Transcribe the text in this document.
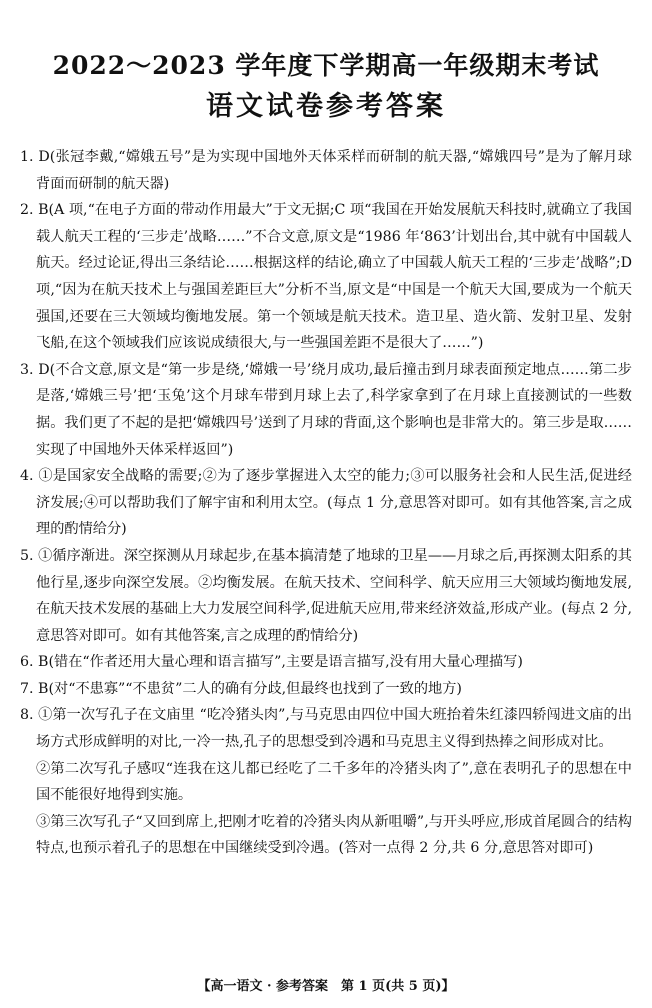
2022～2023 学年度下学期高一年级期末考试
语文试卷参考答案
1. D(张冠李戴,“嫦娥五号”是为实现中国地外天体采样而研制的航天器,“嫦娥四号”是为了解月球背面而研制的航天器)
2. B(A 项,“在电子方面的带动作用最大”于文无据;C 项“我国在开始发展航天科技时,就确立了我国载人航天工程的‘三步走’战略……”不合文意,原文是“1986 年‘863’计划出台,其中就有中国载人航天。经过论证,得出三条结论……根据这样的结论,确立了中国载人航天工程的‘三步走’战略”;D 项,“因为在航天技术上与强国差距巨大”分析不当,原文是“中国是一个航天大国,要成为一个航天强国,还要在三大领域均衡地发展。第一个领域是航天技术。造卫星、造火箭、发射卫星、发射飞船,在这个领域我们应该说成绩很大,与一些强国差距不是很大了……”)
3. D(不合文意,原文是“第一步是绕,‘嫦娥一号’绕月成功,最后撞击到月球表面预定地点……第二步是落,‘嫦娥三号’把‘玉兔’这个月球车带到月球上去了,科学家拿到了在月球上直接测试的一些数据。我们更了不起的是把‘嫦娥四号’送到了月球的背面,这个影响也是非常大的。第三步是取……实现了中国地外天体采样返回”)
4. ①是国家安全战略的需要;②为了逐步掌握进入太空的能力;③可以服务社会和人民生活,促进经济发展;④可以帮助我们了解宇宙和利用太空。(每点 1 分,意思答对即可。如有其他答案,言之成理的酌情给分)
5. ①循序渐进。深空探测从月球起步,在基本搞清楚了地球的卫星——月球之后,再探测太阳系的其他行星,逐步向深空发展。②均衡发展。在航天技术、空间科学、航天应用三大领域均衡地发展,在航天技术发展的基础上大力发展空间科学,促进航天应用,带来经济效益,形成产业。(每点 2 分,意思答对即可。如有其他答案,言之成理的酌情给分)
6. B(错在“作者还用大量心理和语言描写”,主要是语言描写,没有用大量心理描写)
7. B(对“不患寡”“不患贫”二人的确有分歧,但最终也找到了一致的地方)
8. ①第一次写孔子在文庙里 “吃冷猪头肉”,与马克思由四位中国大班抬着朱红漆四轿闯进文庙的出场方式形成鲜明的对比,一冷一热,孔子的思想受到冷遇和马克思主义得到热捧之间形成对比。
②第二次写孔子感叹“连我在这儿都已经吃了二千多年的冷猪头肉了”,意在表明孔子的思想在中国不能很好地得到实施。
③第三次写孔子“又回到席上,把刚才吃着的冷猪头肉从新咀嚼”,与开头呼应,形成首尾圆合的结构特点,也预示着孔子的思想在中国继续受到冷遇。(答对一点得 2 分,共 6 分,意思答对即可)
【高一语文 · 参考答案　第 1 页(共 5 页)】
